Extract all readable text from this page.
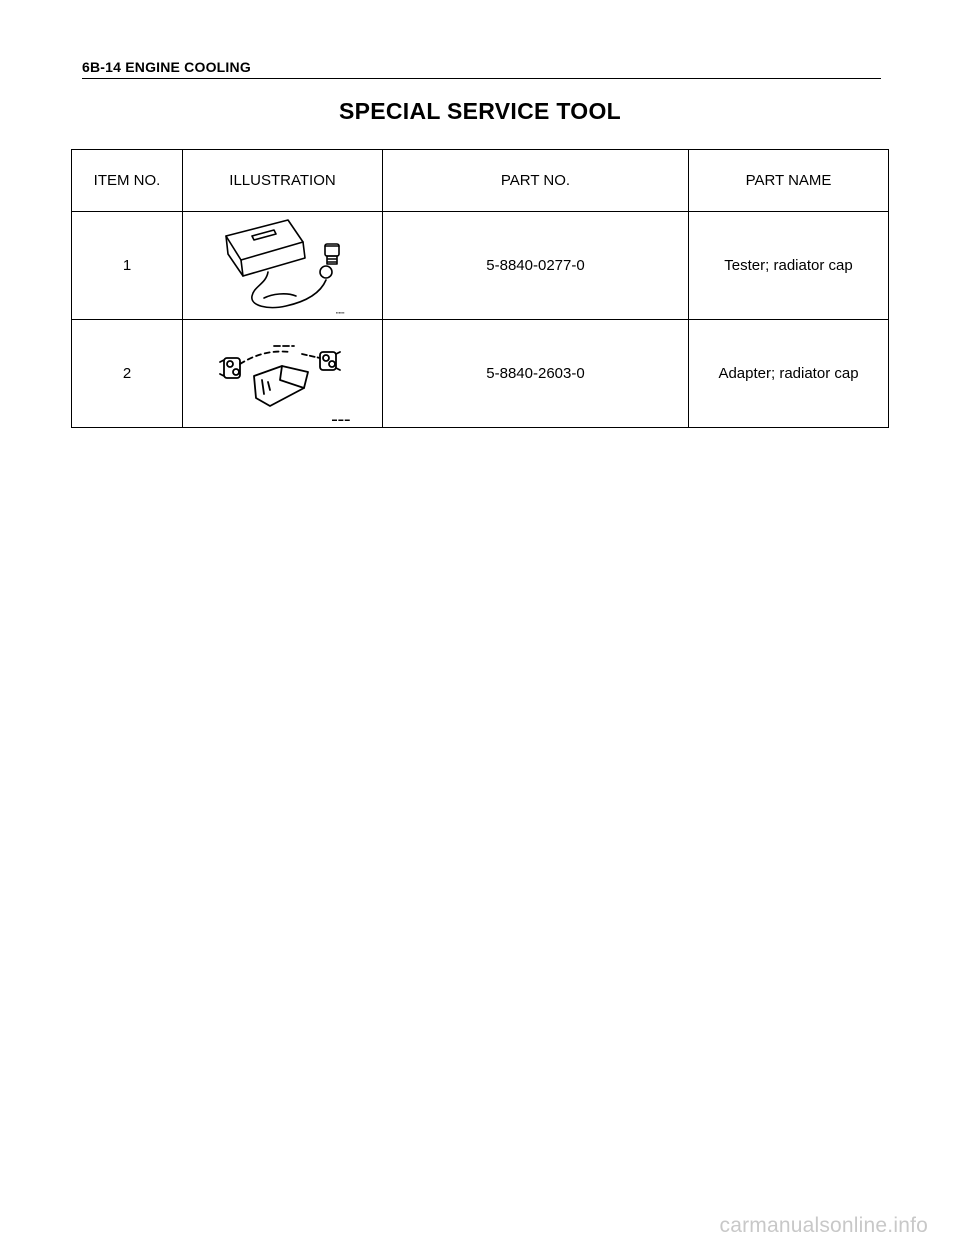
6B-14 ENGINE COOLING
SPECIAL SERVICE TOOL
ITEM NO.	ILLUSTRATION	PART NO.	PART NAME
1	▪▪▪▪▪▪	5-8840-0277-0	Tester; radiator cap
2	▬ ▬ ▬	5-8840-2603-0	Adapter; radiator cap
carmanualsonline.info
